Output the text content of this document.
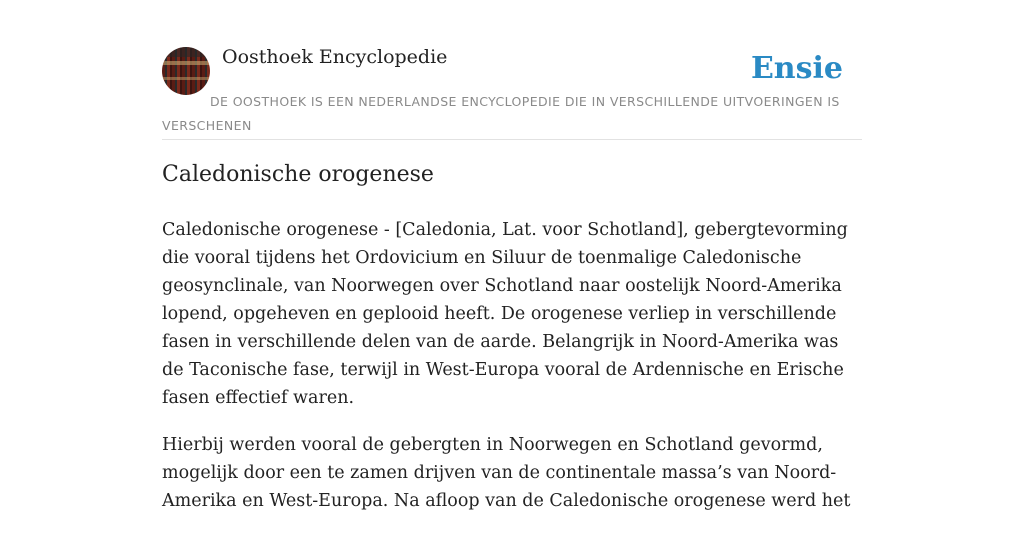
Oosthoek Encyclopedie	Ensie
DE OOSTHOEK IS EEN NEDERLANDSE ENCYCLOPEDIE DIE IN VERSCHILLENDE UITVOERINGEN IS VERSCHENEN
Caledonische orogenese

Caledonische orogenese - [Caledonia, Lat. voor Schotland], gebergtevorming die vooral tijdens het Ordovicium en Siluur de toenmalige Caledonische geosynclinale, van Noorwegen over Schotland naar oostelijk Noord-Amerika lopend, opgeheven en geplooid heeft. De orogenese verliep in verschillende fasen in verschillende delen van de aarde. Belangrijk in Noord-Amerika was de Taconische fase, terwijl in West-Europa vooral de Ardennische en Erische fasen effectief waren.

Hierbij werden vooral de gebergten in Noorwegen en Schotland gevormd, mogelijk door een te zamen drijven van de continentale massa’s van Noord-Amerika en West-Europa. Na afloop van de Caledonische orogenese werd het
